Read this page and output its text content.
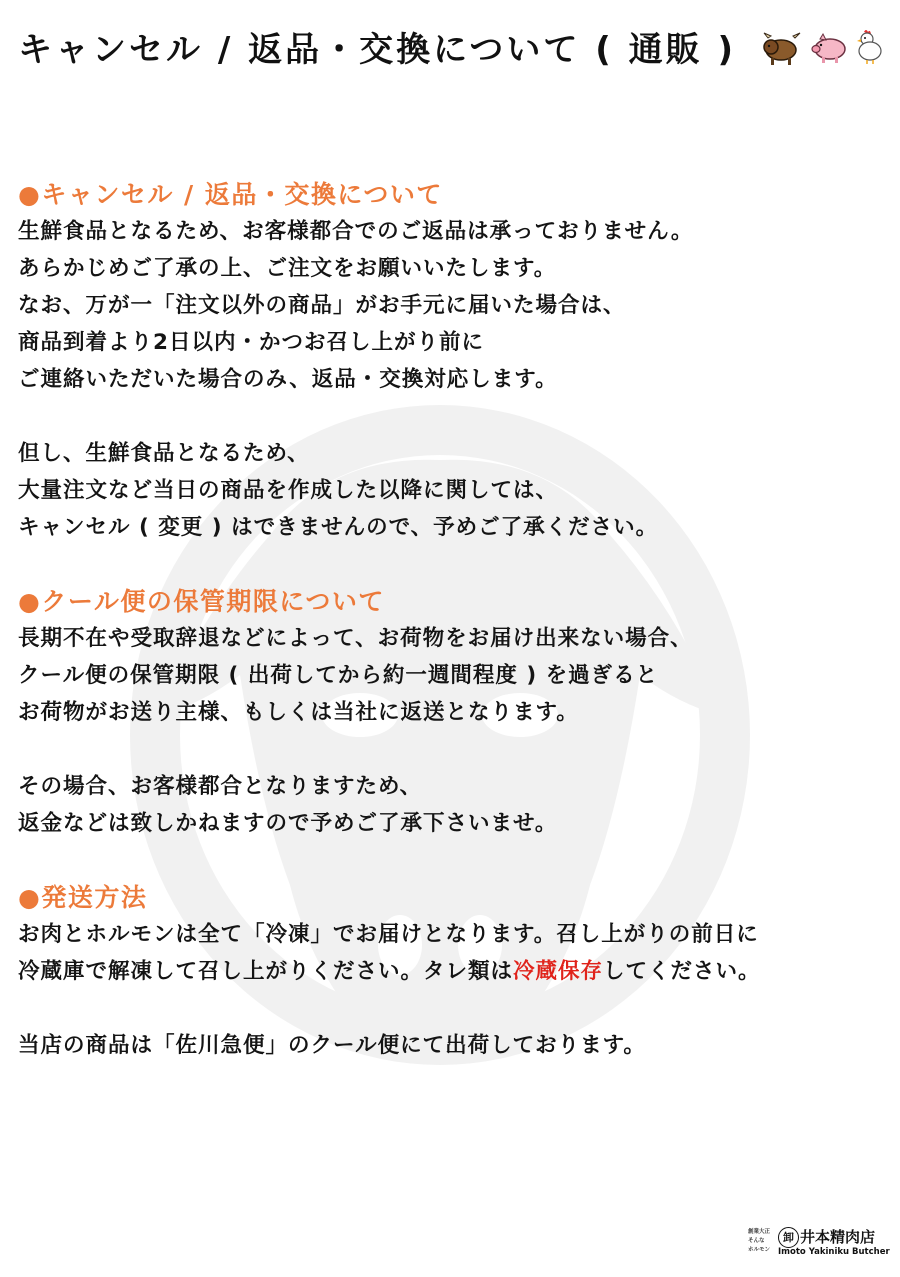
キャンセル / 返品・交換について ( 通販 )
●キャンセル / 返品・交換について
生鮮食品となるため、お客様都合でのご返品は承っておりません。
あらかじめご了承の上、ご注文をお願いいたします。
なお、万が一「注文以外の商品」がお手元に届いた場合は、
商品到着より2日以内・かつお召し上がり前に
ご連絡いただいた場合のみ、返品・交換対応します。
但し、生鮮食品となるため、
大量注文など当日の商品を作成した以降に関しては、
キャンセル ( 変更 ) はできませんので、予めご了承ください。
●クール便の保管期限について
長期不在や受取辞退などによって、お荷物をお届け出来ない場合、
クール便の保管期限 ( 出荷してから約一週間程度 ) を過ぎると
お荷物がお送り主様、もしくは当社に返送となります。
その場合、お客様都合となりますため、
返金などは致しかねますので予めご了承下さいませ。
●発送方法
お肉とホルモンは全て「冷凍」でお届けとなります。召し上がりの前日に
冷蔵庫で解凍して召し上がりください。タレ類は冷蔵保存してください。
当店の商品は「佐川急便」のクール便にて出荷しております。
創業大正
そんな
ホルモン
卸 井本精肉店
Imoto Yakiniku Butcher
